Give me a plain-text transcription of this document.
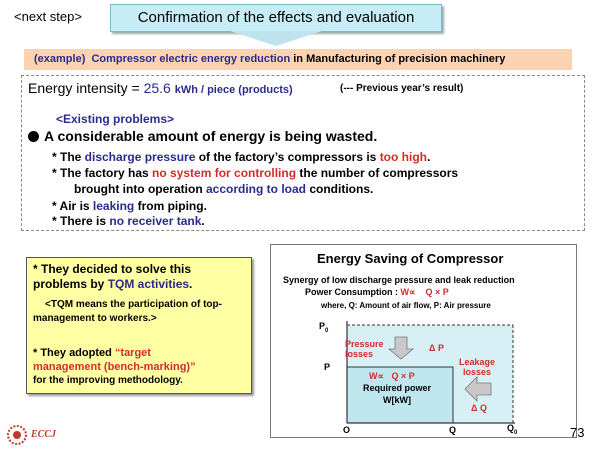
<next step>	Confirmation of the effects and evaluation
(example) Compressor electric energy reduction in Manufacturing of precision machinery
Energy intensity = 25.6 kWh / piece (products)	(--- Previous year’s result)
<Existing problems>
A considerable amount of energy is being wasted.
* The discharge pressure of the factory’s compressors is too high.
* The factory has no system for controlling the number of compressors
brought into operation according to load conditions.
* Air is leaking from piping.
* There is no receiver tank.
* They decided to solve this
problems by TQM activities.
<TQM means the participation of top-
management to workers.>
* They adopted “target
management (bench-marking)”
for the improving methodology.
Energy Saving of Compressor
Synergy of low discharge pressure and leak reduction
Power Consumption : W∝ Q × P
where, Q: Amount of air flow, P: Air pressure
$P_0$
P
O	Q	$Q_0$
Pressure losses
Δ P
W∝ Q × P
Required power
W[kW]
Leakage losses
Δ Q
ECCJ	73
